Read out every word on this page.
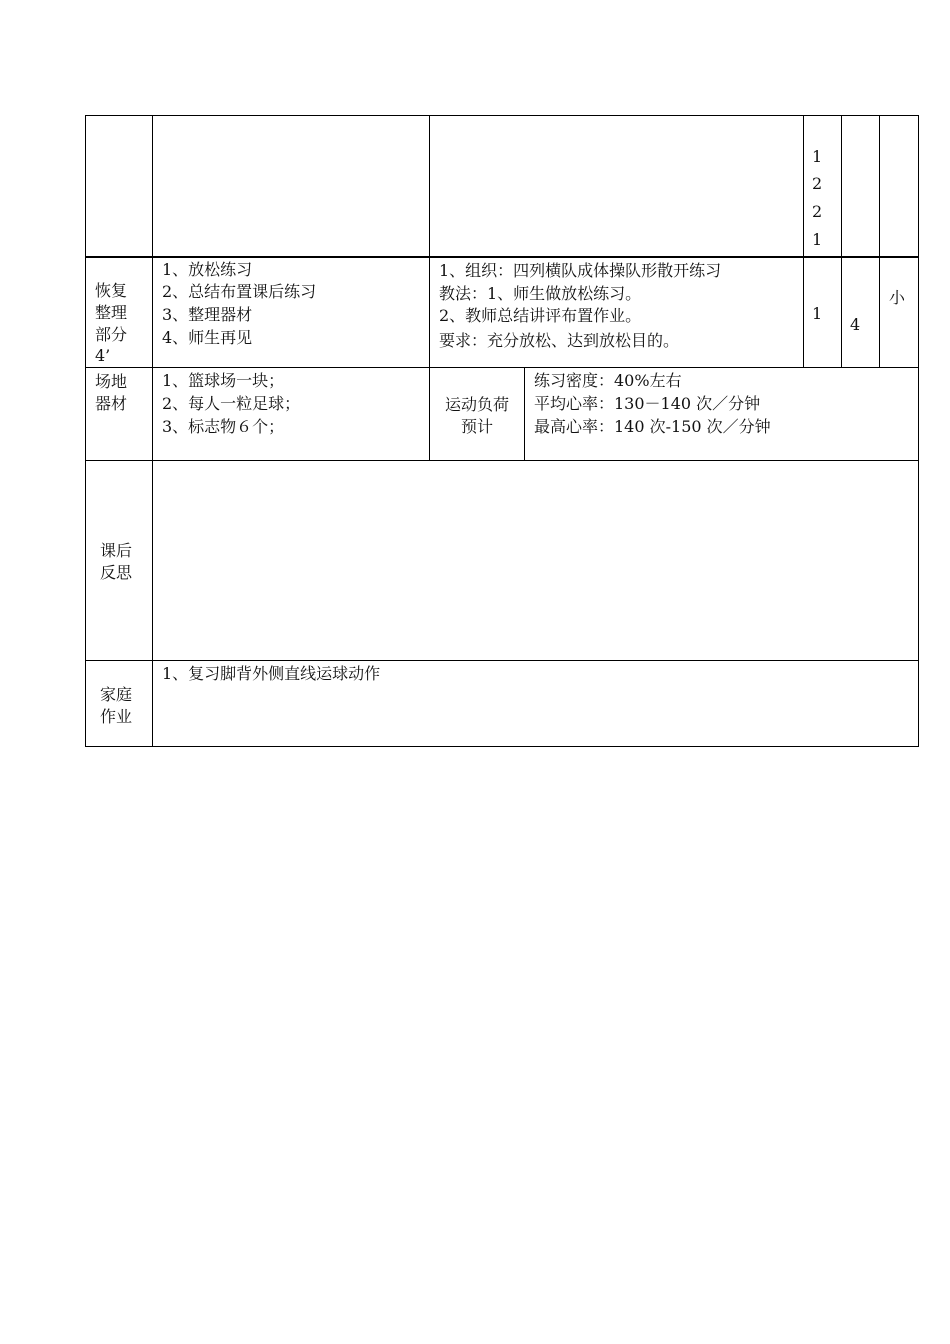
1
2
2
1
恢复
整理
部分
4’
1、放松练习
2、总结布置课后练习
3、整理器材
4、师生再见
1、组织：四列横队成体操队形散开练习
教法：1、师生做放松练习。
2、教师总结讲评布置作业。
要求：充分放松、达到放松目的。
1
4
小
场地
器材
1、篮球场一块；
2、每人一粒足球；
3、标志物６个；
运动负荷
预计
练习密度：40%左右
平均心率：130－140 次／分钟
最高心率：140 次-150 次／分钟
课后
反思
家庭
作业
1、复习脚背外侧直线运球动作
